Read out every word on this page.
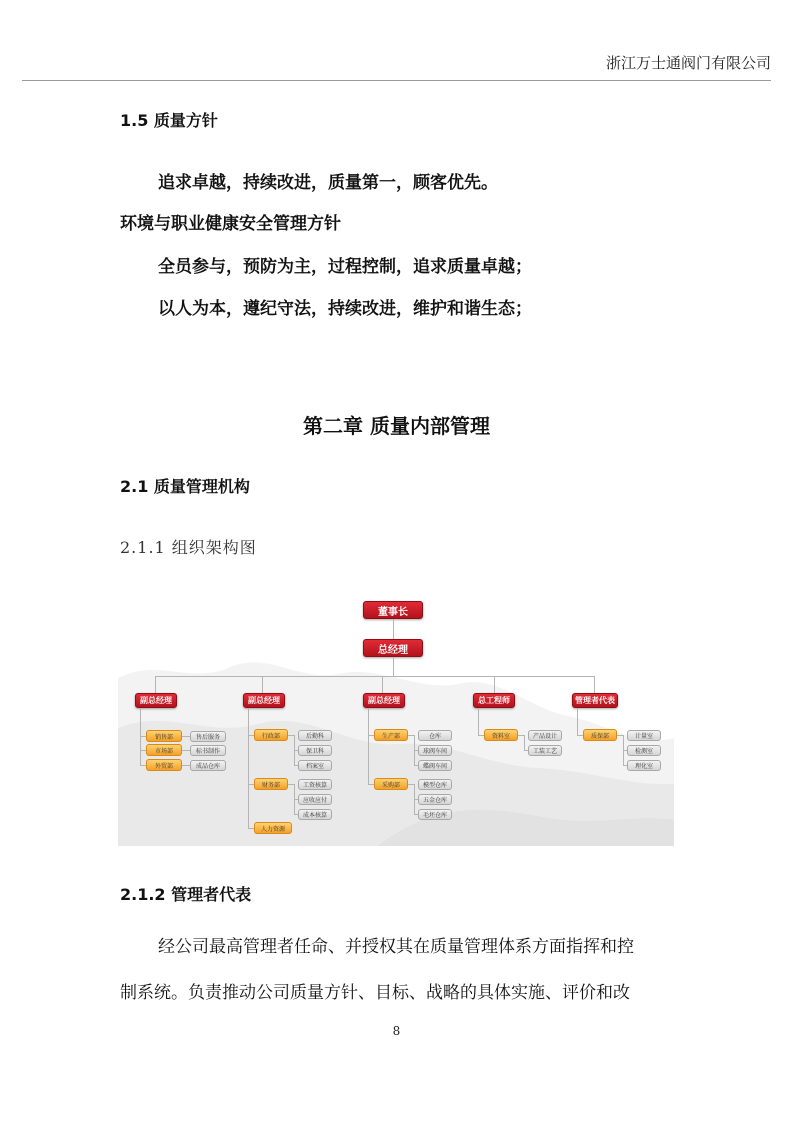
浙江万士通阀门有限公司
1.5 质量方针
追求卓越，持续改进，质量第一，顾客优先。
环境与职业健康安全管理方针
全员参与，预防为主，过程控制，追求质量卓越；
以人为本，遵纪守法，持续改进，维护和谐生态；
第二章 质量内部管理
2.1 质量管理机构
2.1.1 组织架构图
董事长
总经理
副总经理
销售部
市场部
外贸部
售后服务
标书制作
成品仓库
副总经理
行政部
财务部
人力资源
后勤科
保卫科
档案室
工资核算
应收应付
成本核算
副总经理
生产部
采购部
仓库
球阀车间
蝶阀车间
模型仓库
五金仓库
毛坯仓库
总工程师
资料室	产品设计
工装工艺
管理者代表
质保部	计量室
检测室
理化室
2.1.2 管理者代表
经公司最高管理者任命、并授权其在质量管理体系方面指挥和控
制系统。负责推动公司质量方针、目标、战略的具体实施、评价和改
8
